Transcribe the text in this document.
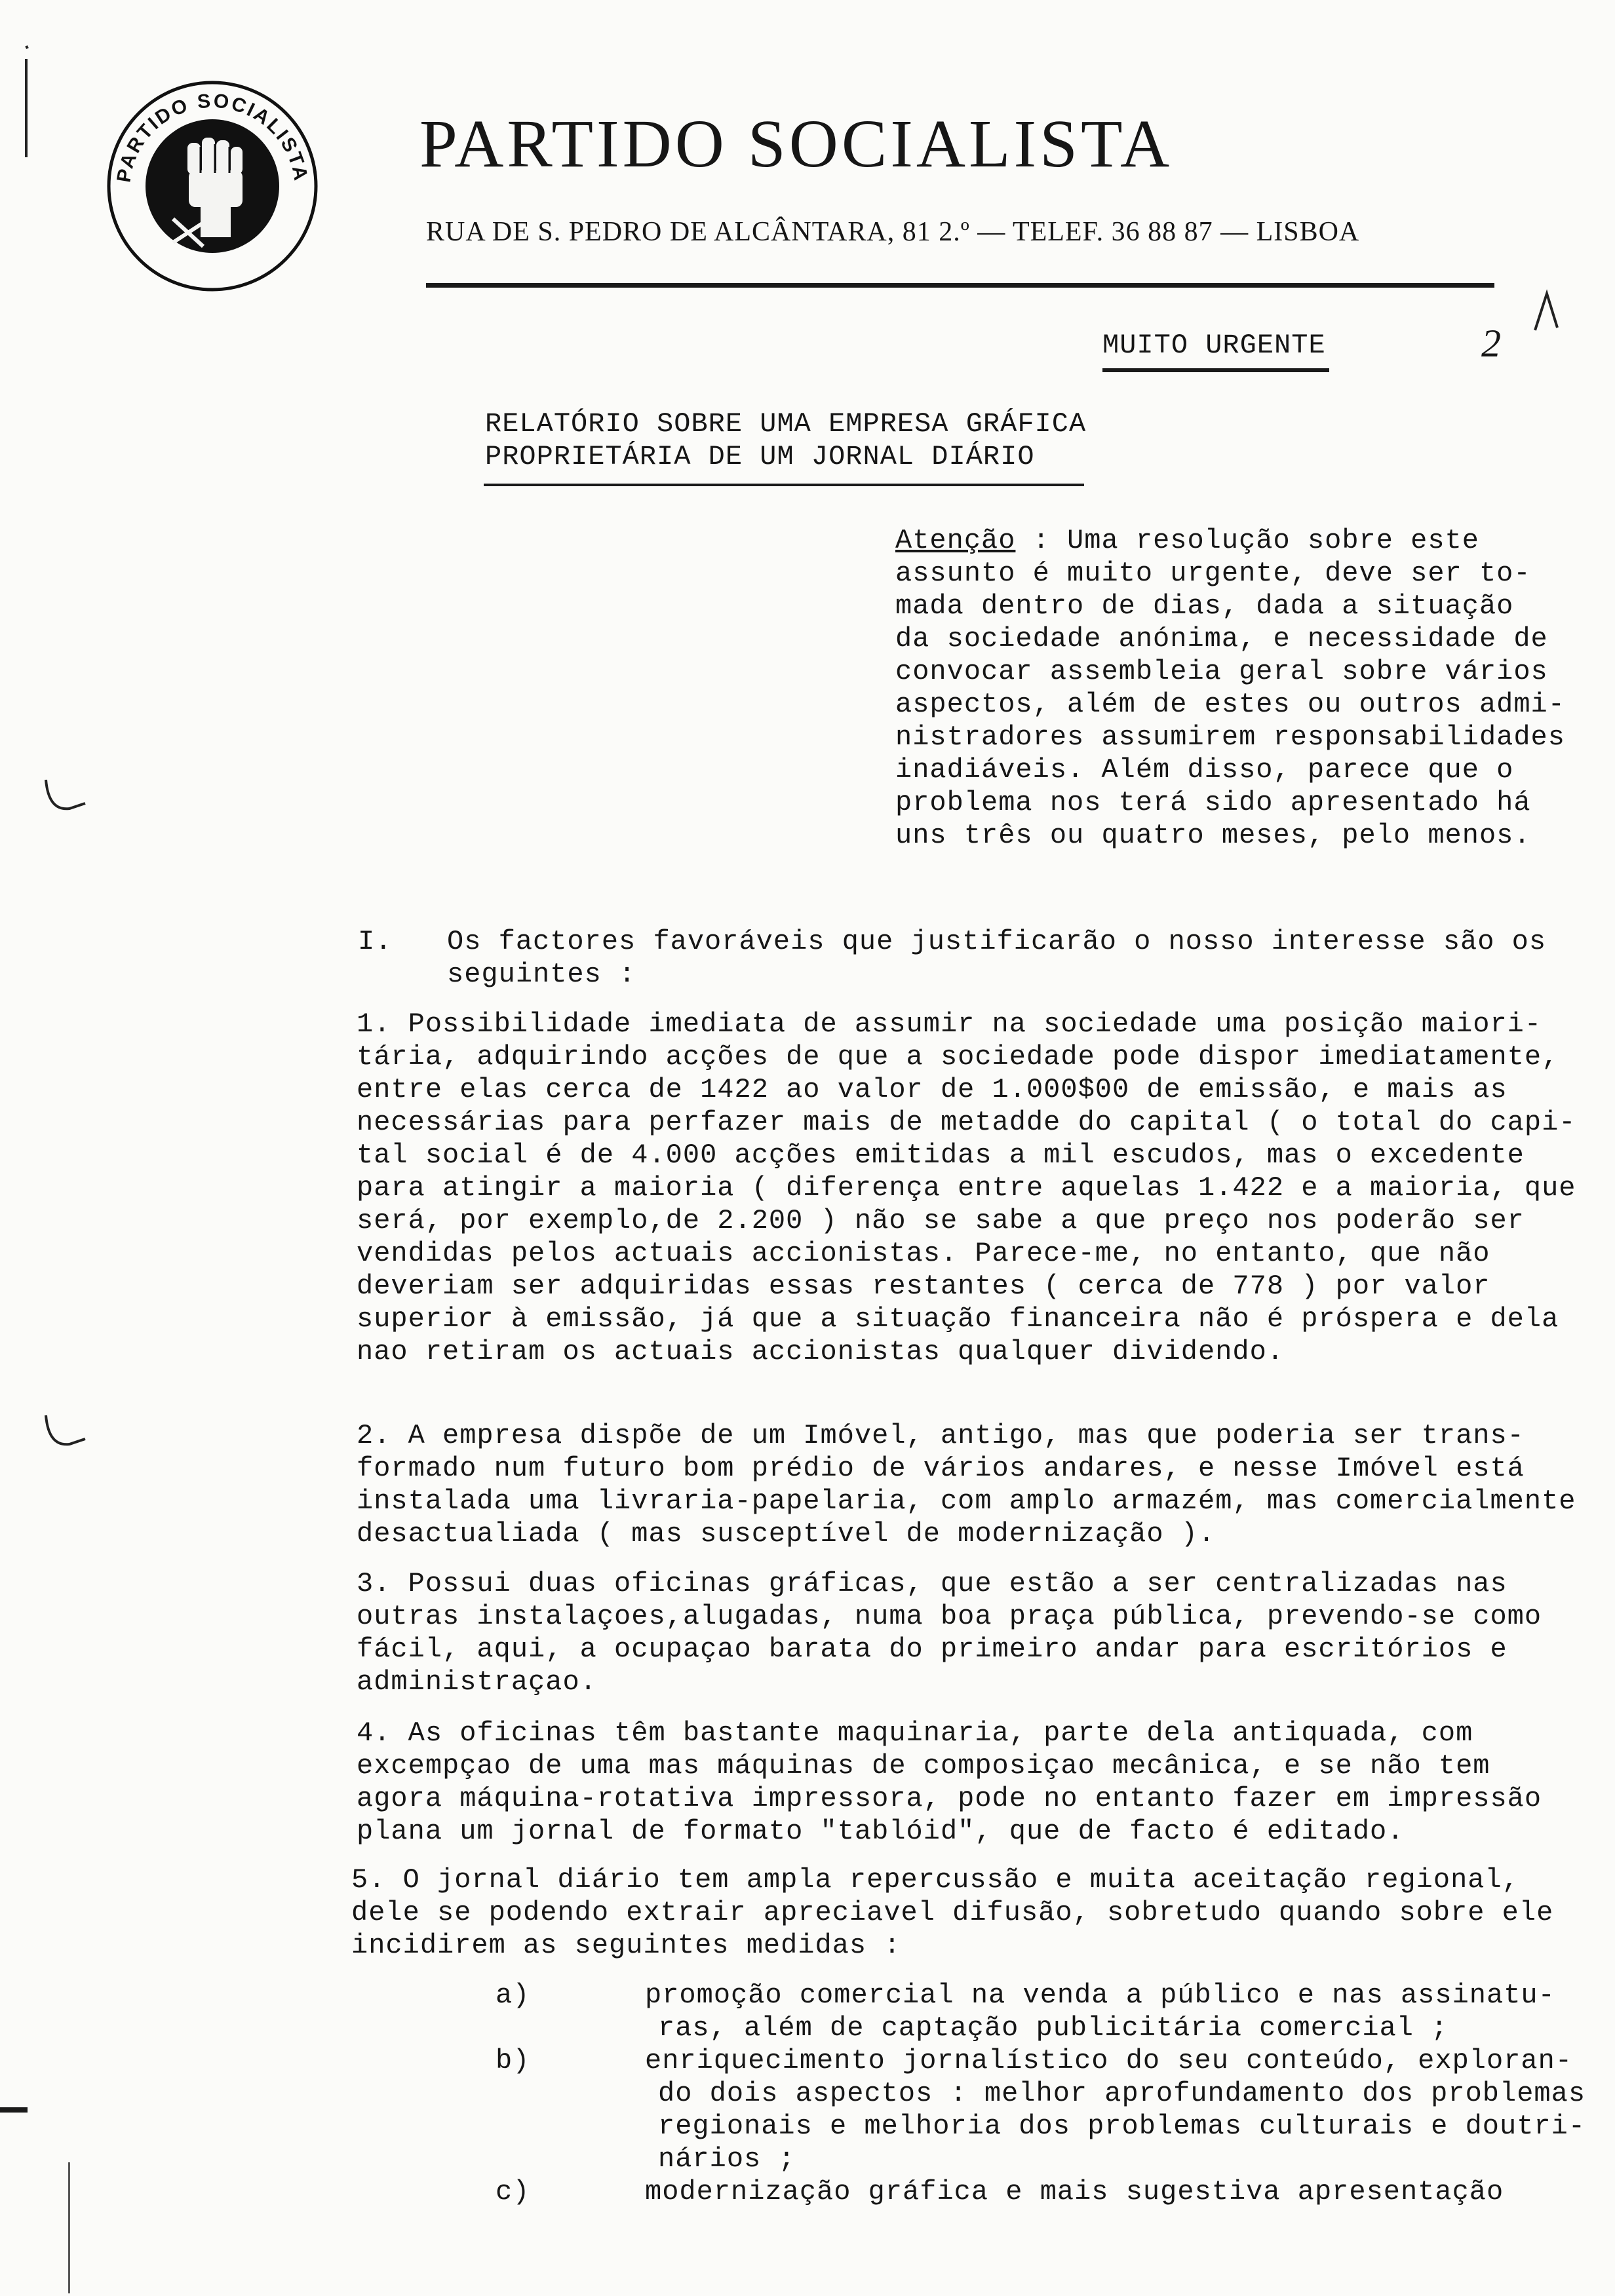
PARTIDO SOCIALISTA PARTIDO SOCIALISTA
RUA DE S. PEDRO DE ALCÂNTARA, 81 2.º — TELEF. 36 88 87 — LISBOA
MUITO URGENTE	2
RELATÓRIO SOBRE UMA EMPRESA GRÁFICA
PROPRIETÁRIA DE UM JORNAL DIÁRIO
Atenção : Uma resolução sobre este
assunto é muito urgente, deve ser to-
mada dentro de dias, dada a situação
da sociedade anónima, e necessidade de
convocar assembleia geral sobre vários
aspectos, além de estes ou outros admi-
nistradores assumirem responsabilidades
inadiáveis. Além disso, parece que o
problema nos terá sido apresentado há
uns três ou quatro meses, pelo menos.
I. Os factores favoráveis que justificarão o nosso interesse são os
seguintes :
1. Possibilidade imediata de assumir na sociedade uma posição maiori-
tária, adquirindo acções de que a sociedade pode dispor imediatamente,
entre elas cerca de 1422 ao valor de 1.000$00 de emissão, e mais as
necessárias para perfazer mais de metadde do capital ( o total do capi-
tal social é de 4.000 acções emitidas a mil escudos, mas o excedente
para atingir a maioria ( diferença entre aquelas 1.422 e a maioria, que
será, por exemplo,de 2.200 ) não se sabe a que preço nos poderão ser
vendidas pelos actuais accionistas. Parece-me, no entanto, que não
deveriam ser adquiridas essas restantes ( cerca de 778 ) por valor
superior à emissão, já que a situação financeira não é próspera e dela
nao retiram os actuais accionistas qualquer dividendo.
2. A empresa dispõe de um Imóvel, antigo, mas que poderia ser trans-
formado num futuro bom prédio de vários andares, e nesse Imóvel está
instalada uma livraria-papelaria, com amplo armazém, mas comercialmente
desactualiada ( mas susceptível de modernização ).
3. Possui duas oficinas gráficas, que estão a ser centralizadas nas
outras instalaçoes,alugadas, numa boa praça pública, prevendo-se como
fácil, aqui, a ocupaçao barata do primeiro andar para escritórios e
administraçao.
4. As oficinas têm bastante maquinaria, parte dela antiquada, com
excempçao de uma mas máquinas de composiçao mecânica, e se não tem
agora máquina-rotativa impressora, pode no entanto fazer em impressão
plana um jornal de formato "tablóid", que de facto é editado.
5. O jornal diário tem ampla repercussão e muita aceitação regional,
dele se podendo extrair apreciavel difusão, sobretudo quando sobre ele
incidirem as seguintes medidas :
a)	promoção comercial na venda a público e nas assinatu-
ras, além de captação publicitária comercial ;
b)	enriquecimento jornalístico do seu conteúdo, exploran-
do dois aspectos : melhor aprofundamento dos problemas
regionais e melhoria dos problemas culturais e doutri-
nários ;
c)	modernização gráfica e mais sugestiva apresentação
